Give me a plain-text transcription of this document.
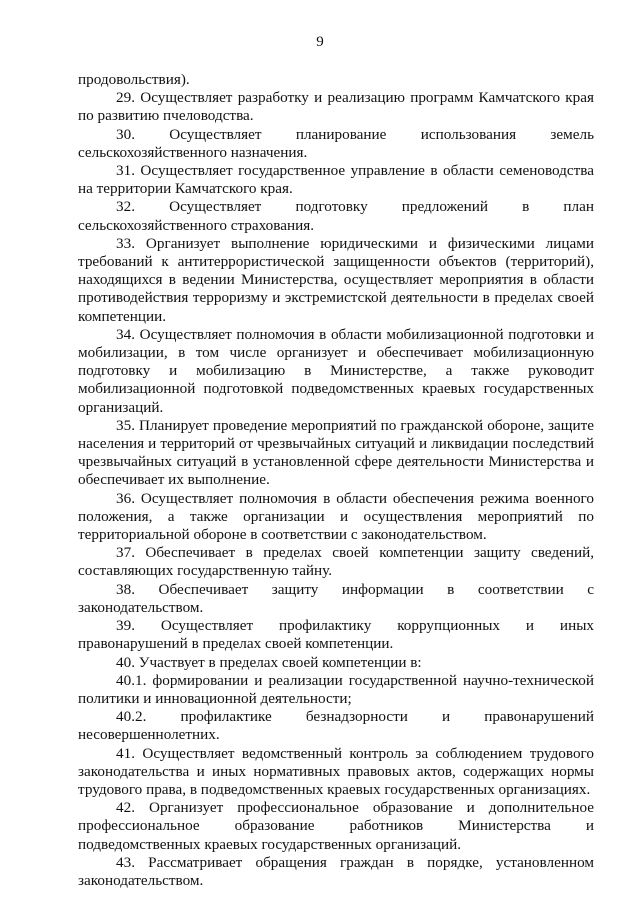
9

продовольствия).

29. Осуществляет разработку и реализацию программ Камчатского края по развитию пчеловодства.

30. Осуществляет планирование использования земель сельскохозяйственного назначения.

31. Осуществляет государственное управление в области семеноводства на территории Камчатского края.

32. Осуществляет подготовку предложений в план сельскохозяйственного страхования.

33. Организует выполнение юридическими и физическими лицами требований к антитеррористической защищенности объектов (территорий), находящихся в ведении Министерства, осуществляет мероприятия в области противодействия терроризму и экстремистской деятельности в пределах своей компетенции.

34. Осуществляет полномочия в области мобилизационной подготовки и мобилизации, в том числе организует и обеспечивает мобилизационную подготовку и мобилизацию в Министерстве, а также руководит мобилизационной подготовкой подведомственных краевых государственных организаций.

35. Планирует проведение мероприятий по гражданской обороне, защите населения и территорий от чрезвычайных ситуаций и ликвидации последствий чрезвычайных ситуаций в установленной сфере деятельности Министерства и обеспечивает их выполнение.

36. Осуществляет полномочия в области обеспечения режима военного положения, а также организации и осуществления мероприятий по территориальной обороне в соответствии с законодательством.

37. Обеспечивает в пределах своей компетенции защиту сведений, составляющих государственную тайну.

38. Обеспечивает защиту информации в соответствии с законодательством.

39. Осуществляет профилактику коррупционных и иных правонарушений в пределах своей компетенции.

40. Участвует в пределах своей компетенции в:

40.1. формировании и реализации государственной научно-технической политики и инновационной деятельности;

40.2. профилактике безнадзорности и правонарушений несовершеннолетних.

41. Осуществляет ведомственный контроль за соблюдением трудового законодательства и иных нормативных правовых актов, содержащих нормы трудового права, в подведомственных краевых государственных организациях.

42. Организует профессиональное образование и дополнительное профессиональное образование работников Министерства и подведомственных краевых государственных организаций.

43. Рассматривает обращения граждан в порядке, установленном законодательством.
